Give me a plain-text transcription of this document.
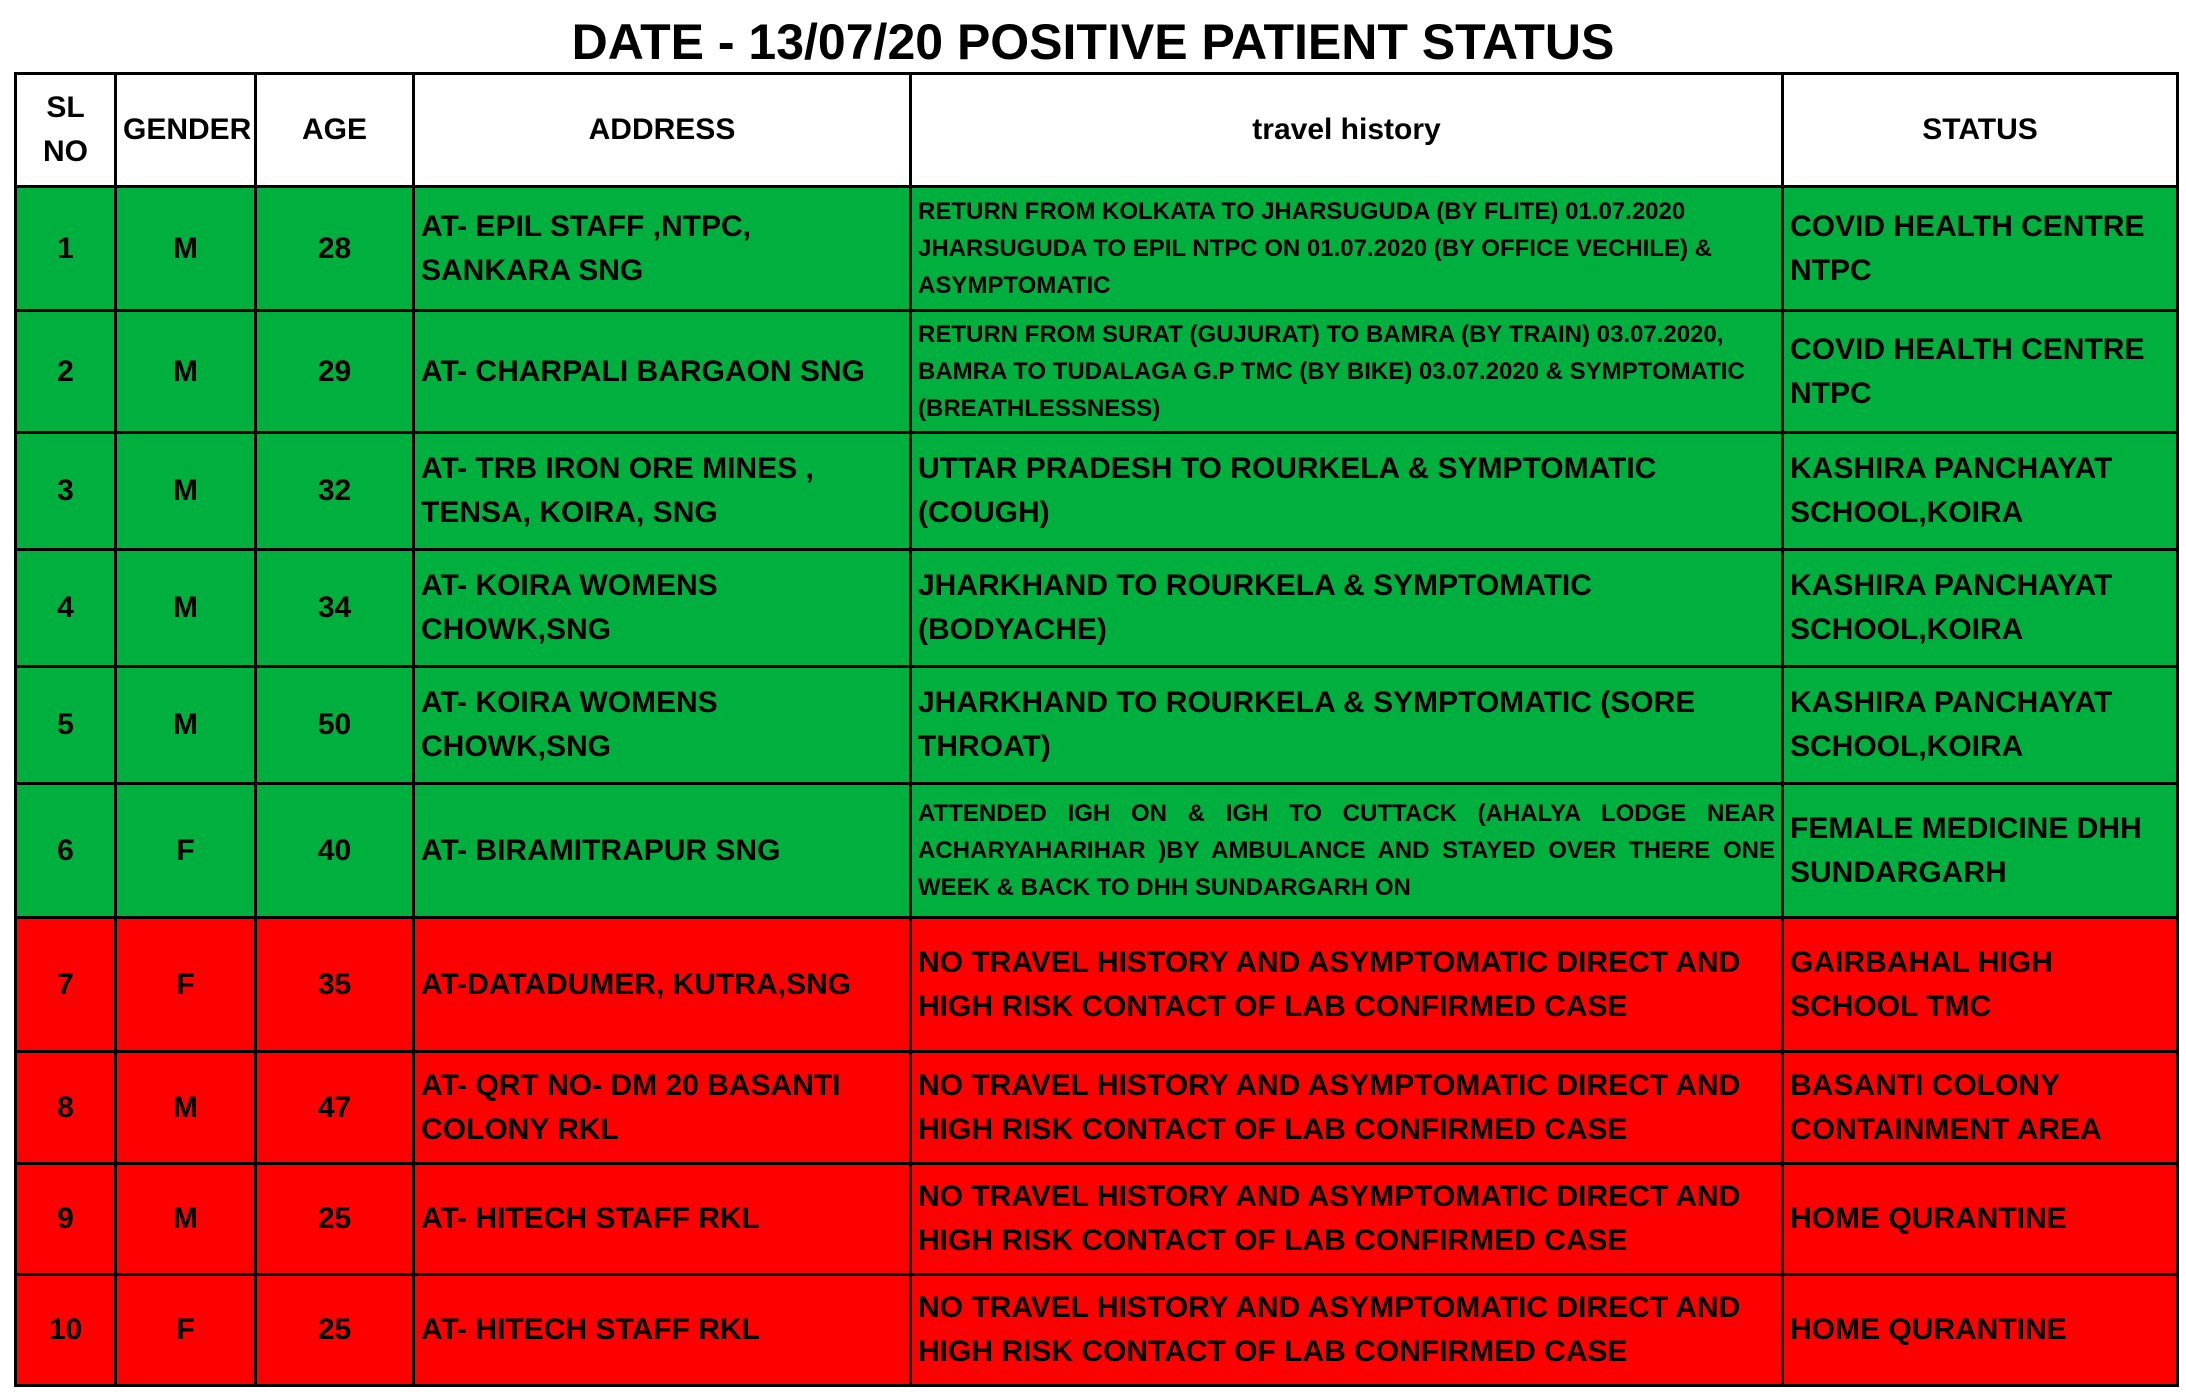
DATE - 13/07/20 POSITIVE PATIENT STATUS
SL NO	GENDER	AGE	ADDRESS	travel history	STATUS
1	M	28	AT- EPIL STAFF ,NTPC, SANKARA SNG	RETURN FROM KOLKATA TO JHARSUGUDA (BY FLITE) 01.07.2020 JHARSUGUDA TO EPIL NTPC ON 01.07.2020 (BY OFFICE VECHILE) & ASYMPTOMATIC	COVID HEALTH CENTRE NTPC
2	M	29	AT- CHARPALI BARGAON SNG	RETURN FROM SURAT (GUJURAT) TO BAMRA (BY TRAIN) 03.07.2020, BAMRA TO TUDALAGA G.P TMC (BY BIKE) 03.07.2020 & SYMPTOMATIC (BREATHLESSNESS)	COVID HEALTH CENTRE NTPC
3	M	32	AT- TRB IRON ORE MINES , TENSA, KOIRA, SNG	UTTAR PRADESH TO ROURKELA & SYMPTOMATIC (COUGH)	KASHIRA PANCHAYAT SCHOOL,KOIRA
4	M	34	AT- KOIRA WOMENS CHOWK,SNG	JHARKHAND TO ROURKELA & SYMPTOMATIC (BODYACHE)	KASHIRA PANCHAYAT SCHOOL,KOIRA
5	M	50	AT- KOIRA WOMENS CHOWK,SNG	JHARKHAND TO ROURKELA & SYMPTOMATIC (SORE THROAT)	KASHIRA PANCHAYAT SCHOOL,KOIRA
6	F	40	AT- BIRAMITRAPUR SNG	ATTENDED IGH ON & IGH TO CUTTACK (AHALYA LODGE NEAR ACHARYAHARIHAR )BY AMBULANCE AND STAYED OVER THERE ONE WEEK & BACK TO DHH SUNDARGARH ON	FEMALE MEDICINE DHH SUNDARGARH
7	F	35	AT-DATADUMER, KUTRA,SNG	NO TRAVEL HISTORY AND ASYMPTOMATIC DIRECT AND HIGH RISK CONTACT OF LAB CONFIRMED CASE	GAIRBAHAL HIGH SCHOOL TMC
8	M	47	AT- QRT NO- DM 20 BASANTI COLONY RKL	NO TRAVEL HISTORY AND ASYMPTOMATIC DIRECT AND HIGH RISK CONTACT OF LAB CONFIRMED CASE	BASANTI COLONY CONTAINMENT AREA
9	M	25	AT- HITECH STAFF RKL	NO TRAVEL HISTORY AND ASYMPTOMATIC DIRECT AND HIGH RISK CONTACT OF LAB CONFIRMED CASE	HOME QURANTINE
10	F	25	AT- HITECH STAFF RKL	NO TRAVEL HISTORY AND ASYMPTOMATIC DIRECT AND HIGH RISK CONTACT OF LAB CONFIRMED CASE	HOME QURANTINE
